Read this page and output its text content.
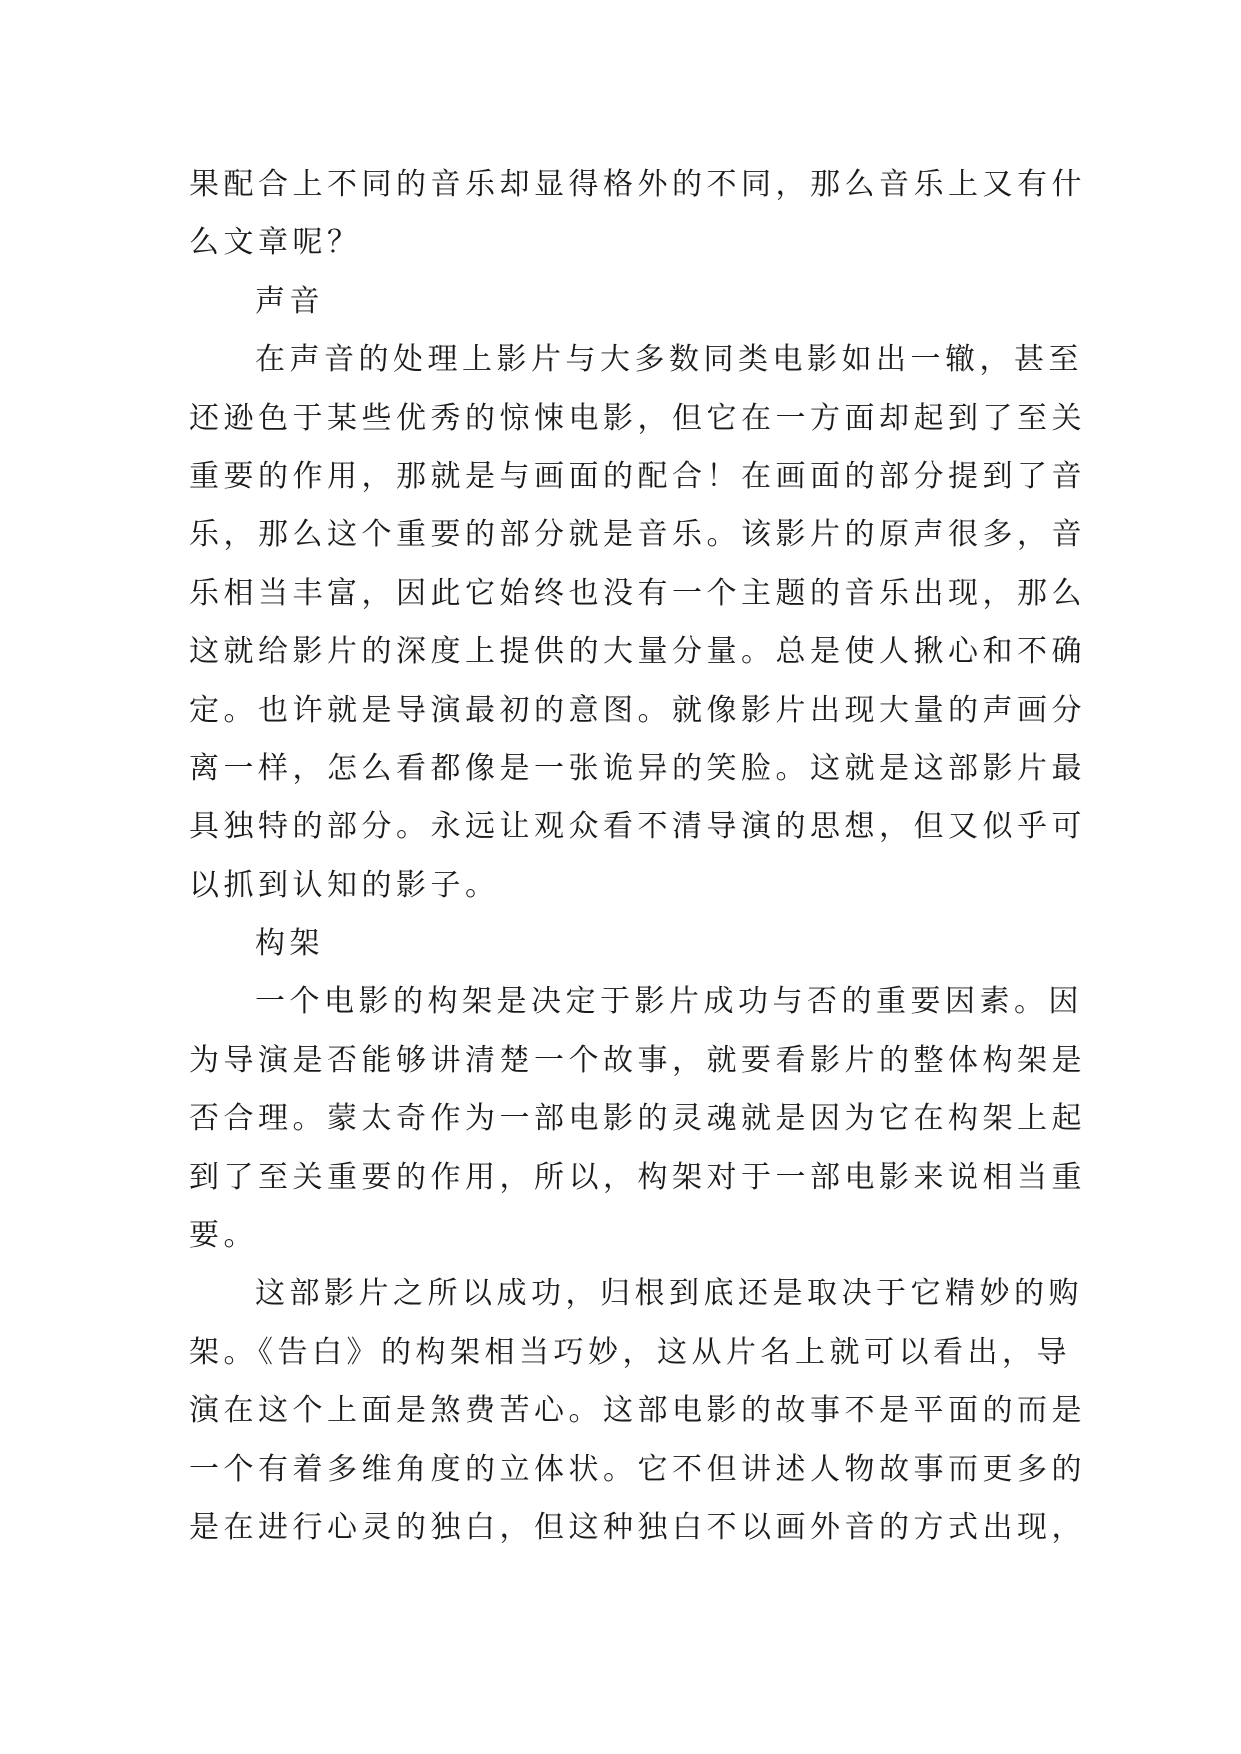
果配合上不同的音乐却显得格外的不同，那么音乐上又有什
么文章呢？
声音
在声音的处理上影片与大多数同类电影如出一辙，甚至
还逊色于某些优秀的惊悚电影，但它在一方面却起到了至关
重要的作用，那就是与画面的配合！在画面的部分提到了音
乐，那么这个重要的部分就是音乐。该影片的原声很多，音
乐相当丰富，因此它始终也没有一个主题的音乐出现，那么
这就给影片的深度上提供的大量分量。总是使人揪心和不确
定。也许就是导演最初的意图。就像影片出现大量的声画分
离一样，怎么看都像是一张诡异的笑脸。这就是这部影片最
具独特的部分。永远让观众看不清导演的思想，但又似乎可
以抓到认知的影子。
构架
一个电影的构架是决定于影片成功与否的重要因素。因
为导演是否能够讲清楚一个故事，就要看影片的整体构架是
否合理。蒙太奇作为一部电影的灵魂就是因为它在构架上起
到了至关重要的作用，所以，构架对于一部电影来说相当重
要。
这部影片之所以成功，归根到底还是取决于它精妙的购
架。《告白》的构架相当巧妙，这从片名上就可以看出，导
演在这个上面是煞费苦心。这部电影的故事不是平面的而是
一个有着多维角度的立体状。它不但讲述人物故事而更多的
是在进行心灵的独白，但这种独白不以画外音的方式出现，
